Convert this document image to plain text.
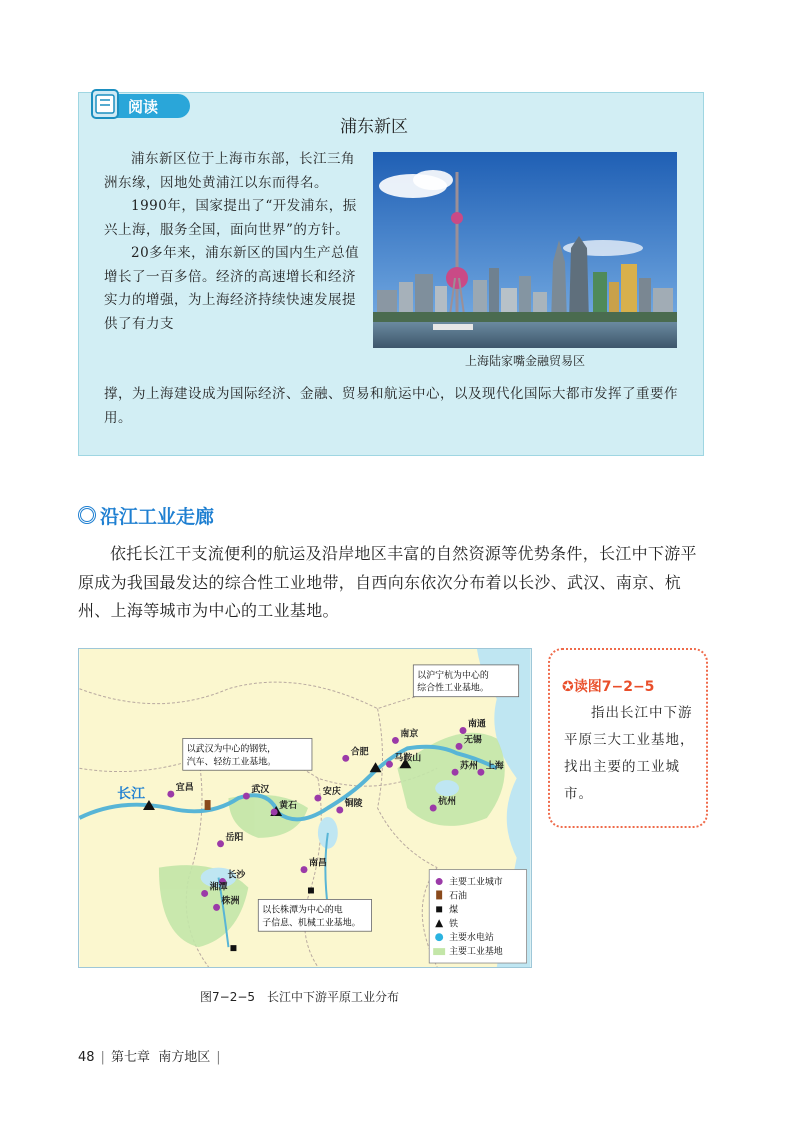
阅读
浦东新区

浦东新区位于上海市东部，长江三角洲东缘，因地处黄浦江以东而得名。

1990年，国家提出了“开发浦东，振兴上海，服务全国，面向世界”的方针。

20多年来，浦东新区的国内生产总值增长了一百多倍。经济的高速增长和经济实力的增强，为上海经济持续快速发展提供了有力支

撑，为上海建设成为国际经济、金融、贸易和航运中心，以及现代化国际大都市发挥了重要作用。

上海陆家嘴金融贸易区
沿江工业走廊

依托长江干支流便利的航运及沿岸地区丰富的自然资源等优势条件，长江中下游平原成为我国最发达的综合性工业地带，自西向东依次分布着以长沙、武汉、南京、杭州、上海等城市为中心的工业基地。

长江
以沪宁杭为中心的
综合性工业基地。
以武汉为中心的钢铁，
汽车、轻纺工业基地。
以长株潭为中心的电
子信息、机械工业基地。
宜昌	武汉
黄石
安庆
铜陵
合肥
南京
马鞍山
南通
无锡
苏州 上海
杭州
岳阳
长沙
湘潭
株洲
南昌
主要工业城市
石油
煤
铁
主要水电站
主要工业基地
图7−2−5　长江中下游平原工业分布
✪读图7−2−5

指出长江中下游平原三大工业基地，找出主要的工业城市。

48 | 第七章 南方地区 |
